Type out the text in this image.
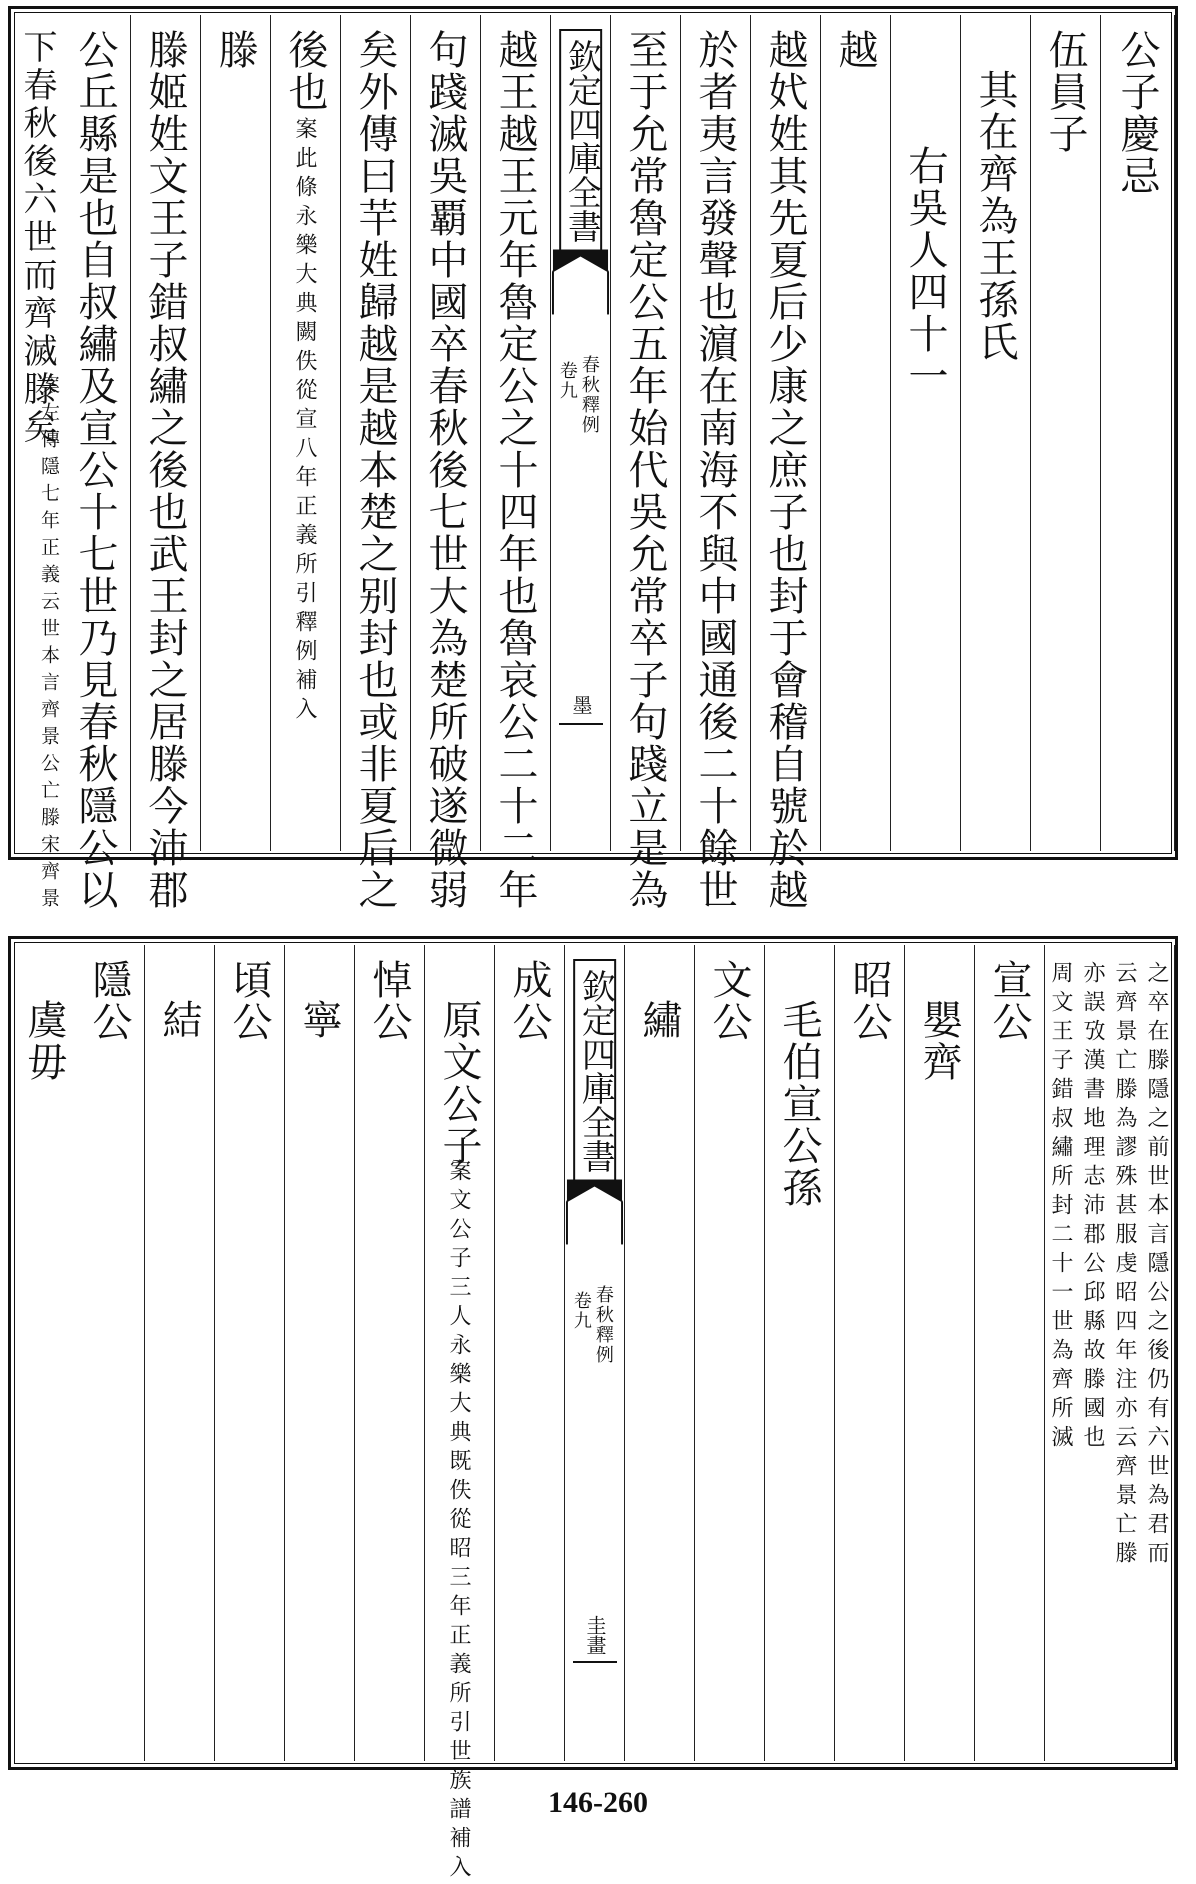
公子慶忌
伍員子
其在齊為王孫氏
右吳人四十一
越
越㚤姓其先夏后少康之庶子也封于會稽自號於越
於者夷言發聲也濵在南海不與中國通後二十餘世
至于允常魯定公五年始代吳允常卒子句踐立是為
欽定四庫全書
春秋釋例
卷九
墨
越王越王元年魯定公之十四年也魯哀公二十二年
句踐滅吳覇中國卒春秋後七世大為楚所破遂微弱
矣外傳曰芉姓歸越是越本楚之别封也或非夏后之
後也
案此條永樂大典闕佚從宣八年正義所引釋例補入
滕
滕姬姓文王子錯叔繡之後也武王封之居滕今沛郡
公丘縣是也自叔繡及宣公十七世乃見春秋隱公以
下春秋後六世而齊滅滕矣
案左傳隱七年正義云世本言齊景公亡滕宋齊景
之卒在滕隱之前世本言隱公之後仍有六世為君而
云齊景亡滕為謬殊甚服虔昭四年注亦云齊景亡滕
亦誤攷漢書地理志沛郡公邱縣故滕國也
周文王子錯叔繡所封二十一世為齊所滅
宣公
嬰齊
昭公
毛伯宣公孫
文公
繡
欽定四庫全書
春秋釋例
卷九
圭畫
成公
原文公子
案文公子三人永樂大典既佚從昭三年正義所引世族譜補入
悼公
寧
頃公
結
隱公
虞毋
146-260
